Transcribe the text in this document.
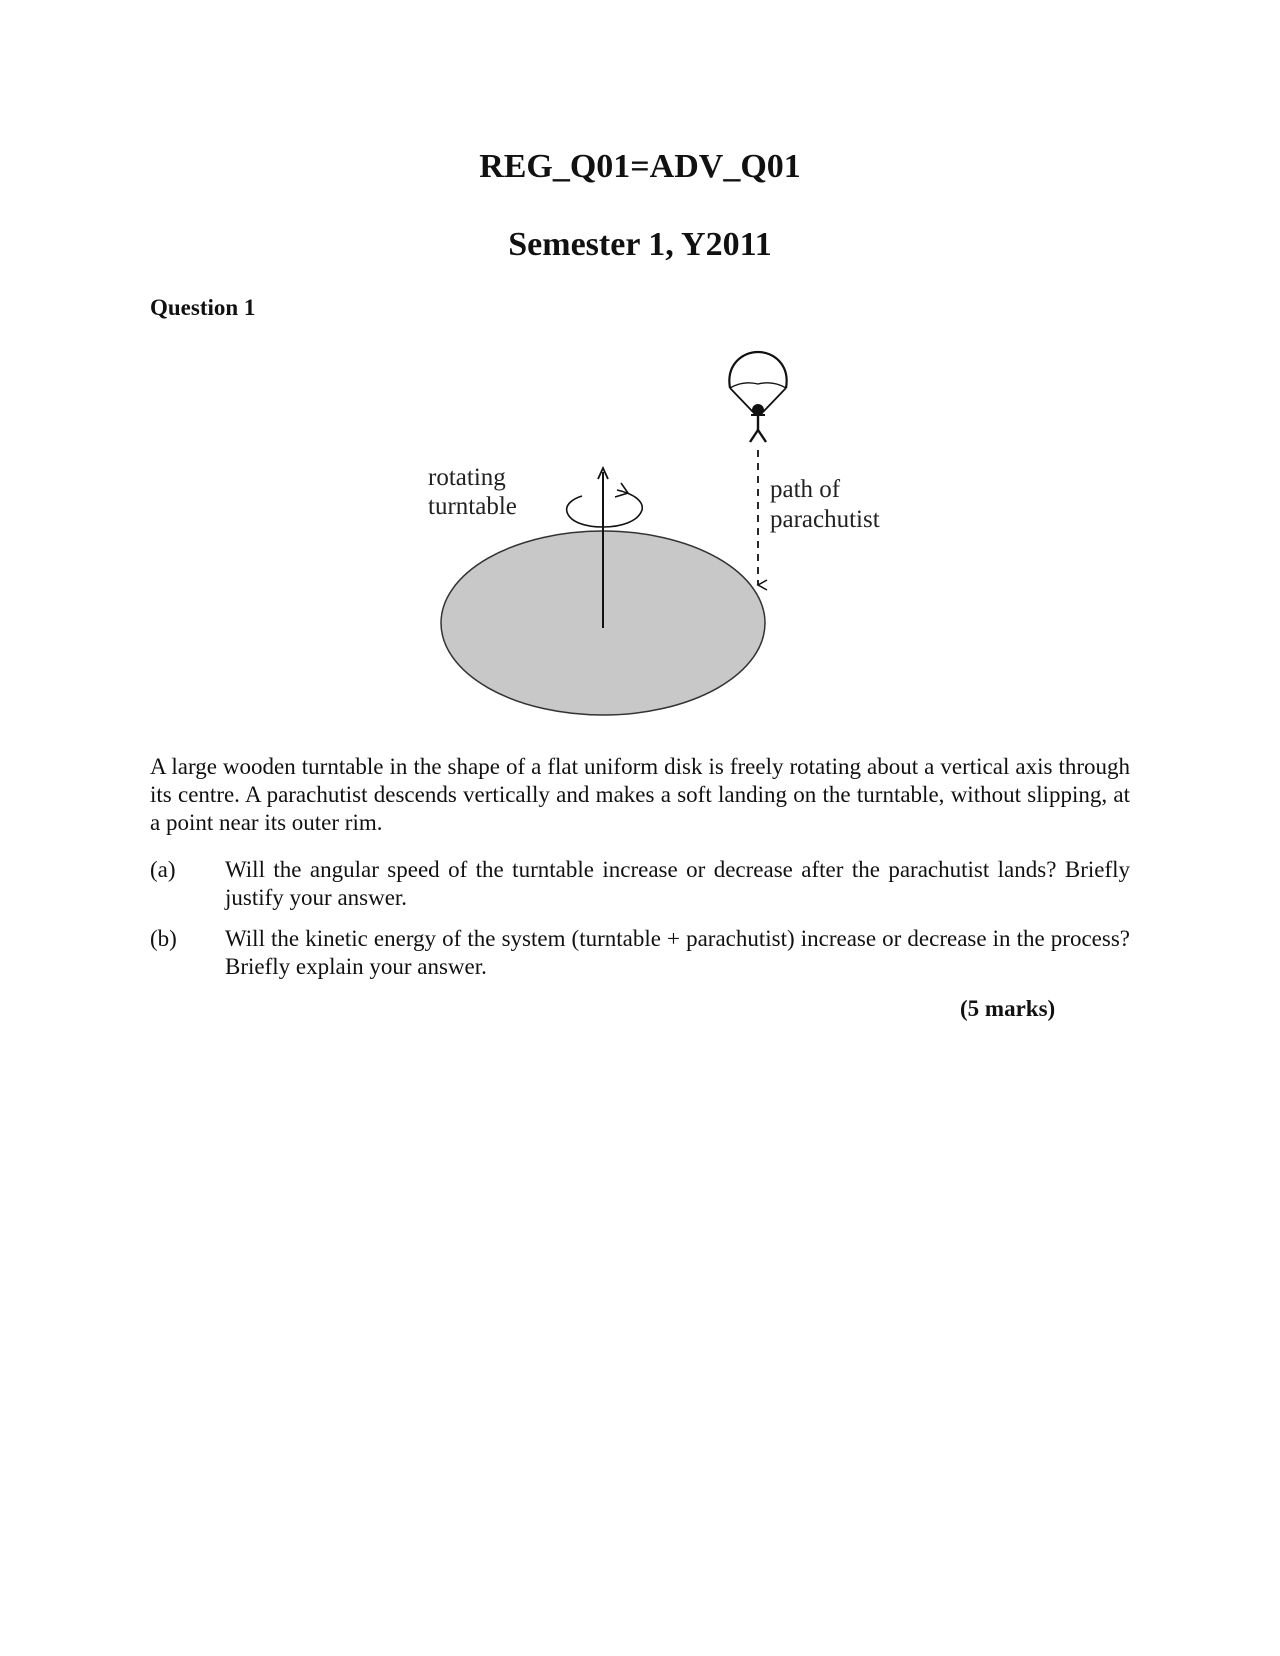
REG_Q01=ADV_Q01
Semester 1, Y2011
Question 1
rotating
turntable
path of
parachutist

A large wooden turntable in the shape of a flat uniform disk is freely rotating about a vertical axis through its centre. A parachutist descends vertically and makes a soft landing on the turntable, without slipping, at a point near its outer rim.

(a) Will the angular speed of the turntable increase or decrease after the parachutist lands? Briefly justify your answer.
(b) Will the kinetic energy of the system (turntable + parachutist) increase or decrease in the process? Briefly explain your answer.
(5 marks)
